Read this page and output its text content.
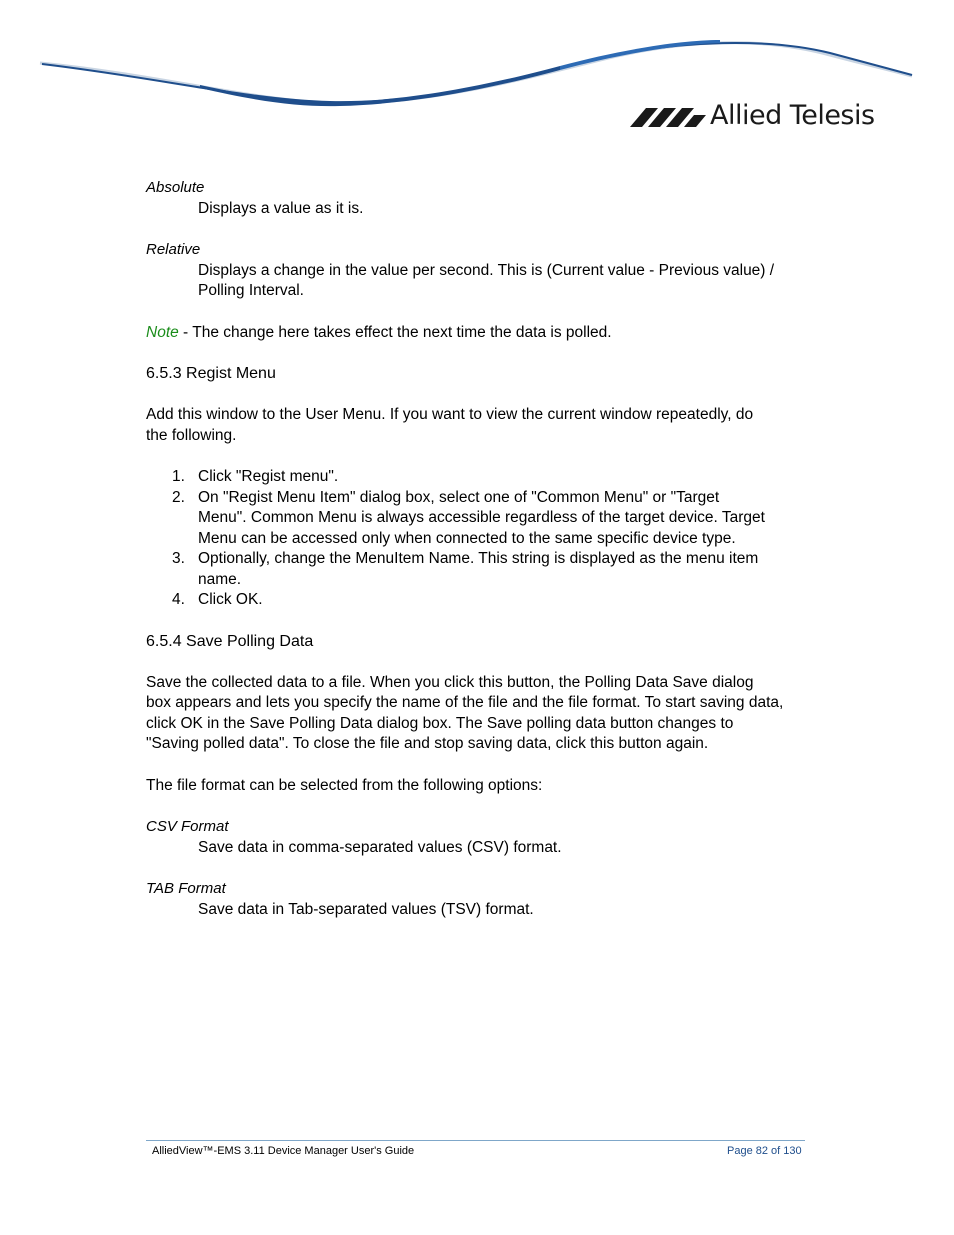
Allied Telesis
Absolute
Displays a value as it is.
Relative
Displays a change in the value per second. This is (Current value - Previous value) /
Polling Interval.
Note - The change here takes effect the next time the data is polled.
6.5.3 Regist Menu
Add this window to the User Menu. If you want to view the current window repeatedly, do
the following.
1. Click "Regist menu".
2. On "Regist Menu Item" dialog box, select one of "Common Menu" or "Target
Menu". Common Menu is always accessible regardless of the target device. Target
Menu can be accessed only when connected to the same specific device type.
3. Optionally, change the MenuItem Name. This string is displayed as the menu item
name.
4. Click OK.
6.5.4 Save Polling Data
Save the collected data to a file. When you click this button, the Polling Data Save dialog
box appears and lets you specify the name of the file and the file format. To start saving data,
click OK in the Save Polling Data dialog box. The Save polling data button changes to
"Saving polled data". To close the file and stop saving data, click this button again.
The file format can be selected from the following options:
CSV Format
Save data in comma-separated values (CSV) format.
TAB Format
Save data in Tab-separated values (TSV) format.
AlliedView™-EMS 3.11 Device Manager User's Guide	Page 82 of 130
